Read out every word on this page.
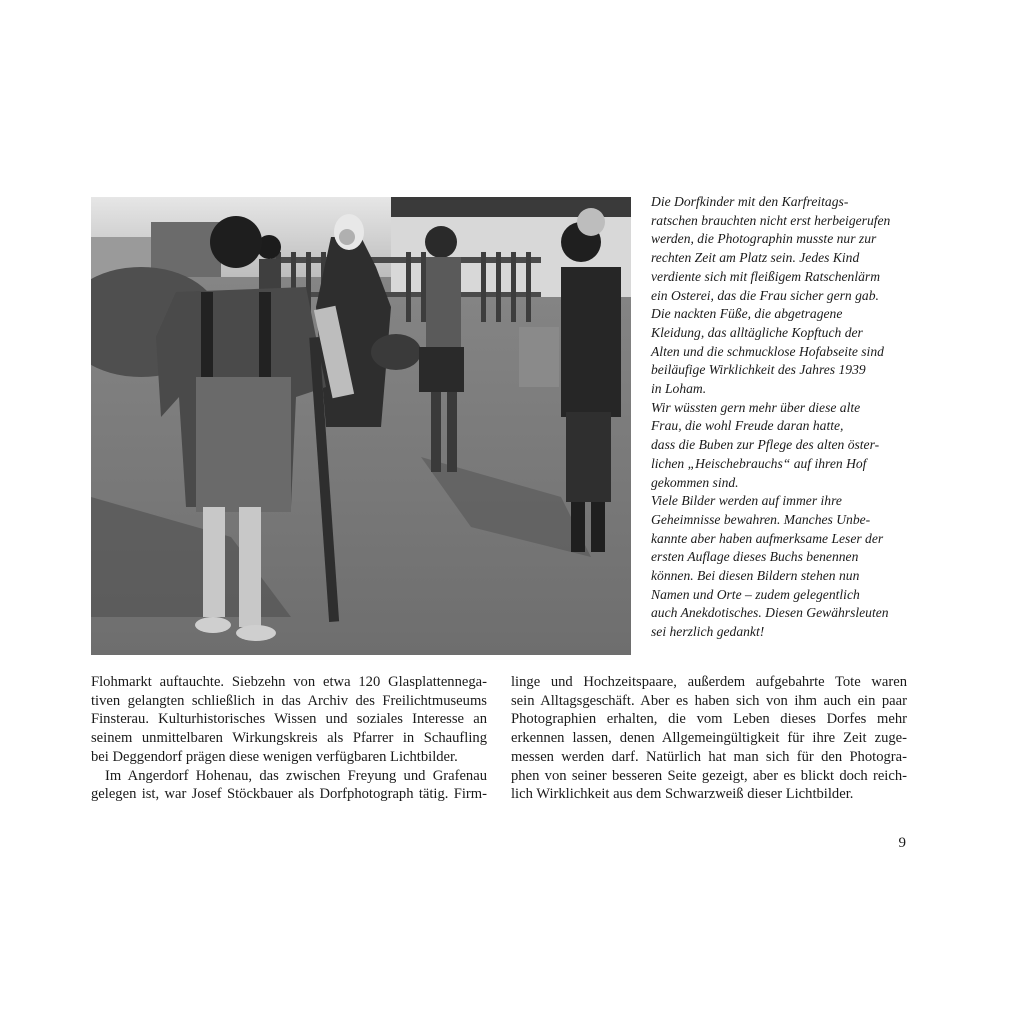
Die Dorfkinder mit den Karfreitags-
ratschen brauchten nicht erst herbeigerufen
werden, die Photographin musste nur zur
rechten Zeit am Platz sein. Jedes Kind
verdiente sich mit fleißigem Ratschenlärm
ein Osterei, das die Frau sicher gern gab.
Die nackten Füße, die abgetragene
Kleidung, das alltägliche Kopftuch der
Alten und die schmucklose Hofabseite sind
beiläufige Wirklichkeit des Jahres 1939
in Loham.
Wir wüssten gern mehr über diese alte
Frau, die wohl Freude daran hatte,
dass die Buben zur Pflege des alten öster-
lichen „Heischebrauchs“ auf ihren Hof
gekommen sind.
Viele Bilder werden auf immer ihre
Geheimnisse bewahren. Manches Unbe-
kannte aber haben aufmerksame Leser der
ersten Auflage dieses Buchs benennen
können. Bei diesen Bildern stehen nun
Namen und Orte – zudem gelegentlich
auch Anekdotisches. Diesen Gewährsleuten
sei herzlich gedankt!
Flohmarkt auftauchte. Siebzehn von etwa 120 Glasplattennega-
tiven gelangten schließlich in das Archiv des Freilichtmuseums
Finsterau. Kulturhistorisches Wissen und soziales Interesse an
seinem unmittelbaren Wirkungskreis als Pfarrer in Schaufling
bei Deggendorf prägen diese wenigen verfügbaren Lichtbilder.
Im Angerdorf Hohenau, das zwischen Freyung und Grafenau
gelegen ist, war Josef Stöckbauer als Dorfphotograph tätig. Firm-
linge und Hochzeitspaare, außerdem aufgebahrte Tote waren
sein Alltagsgeschäft. Aber es haben sich von ihm auch ein paar
Photographien erhalten, die vom Leben dieses Dorfes mehr
erkennen lassen, denen Allgemeingültigkeit für ihre Zeit zuge-
messen werden darf. Natürlich hat man sich für den Photogra-
phen von seiner besseren Seite gezeigt, aber es blickt doch reich-
lich Wirklichkeit aus dem Schwarzweiß dieser Lichtbilder.
9
